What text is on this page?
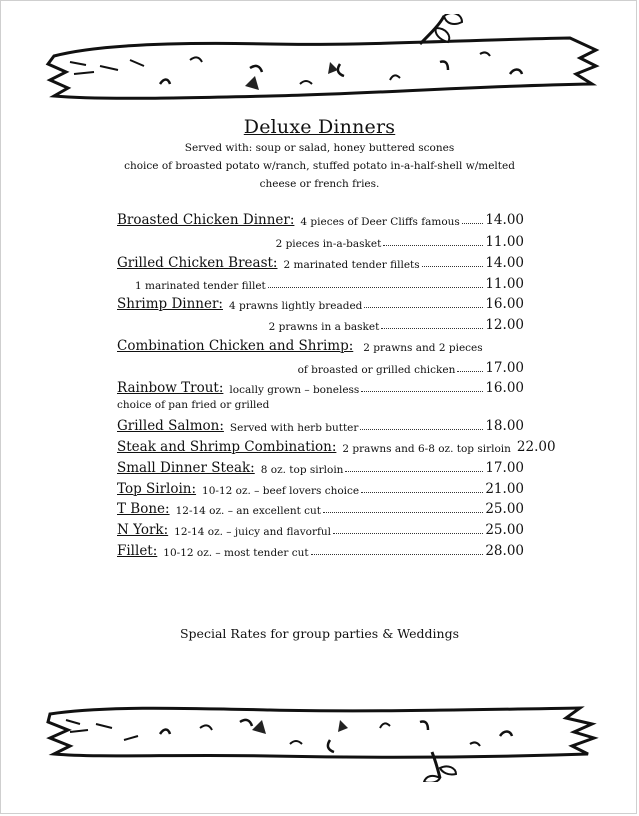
Deluxe Dinners
Served with: soup or salad, honey buttered scones
choice of broasted potato w/ranch, stuffed potato in-a-half-shell w/melted
cheese or french fries.
Broasted Chicken Dinner: 4 pieces of Deer Cliffs famous 14.00
2 pieces in-a-basket	11.00
Grilled Chicken Breast: 2 marinated tender fillets	14.00
1 marinated tender fillet	11.00
Shrimp Dinner: 4 prawns lightly breaded	16.00
2 prawns in a basket	12.00
Combination Chicken and Shrimp: 2 prawns and 2 pieces
of broasted or grilled chicken 17.00
Rainbow Trout: locally grown – boneless	16.00
choice of pan fried or grilled
Grilled Salmon: Served with herb butter	18.00
Steak and Shrimp Combination: 2 prawns and 6-8 oz. top sirloin 22.00
Small Dinner Steak: 8 oz. top sirloin	17.00
Top Sirloin: 10-12 oz. – beef lovers choice	21.00
T Bone: 12-14 oz. – an excellent cut	25.00
N York: 12-14 oz. – juicy and flavorful	25.00
Fillet: 10-12 oz. – most tender cut	28.00
Special Rates for group parties & Weddings
